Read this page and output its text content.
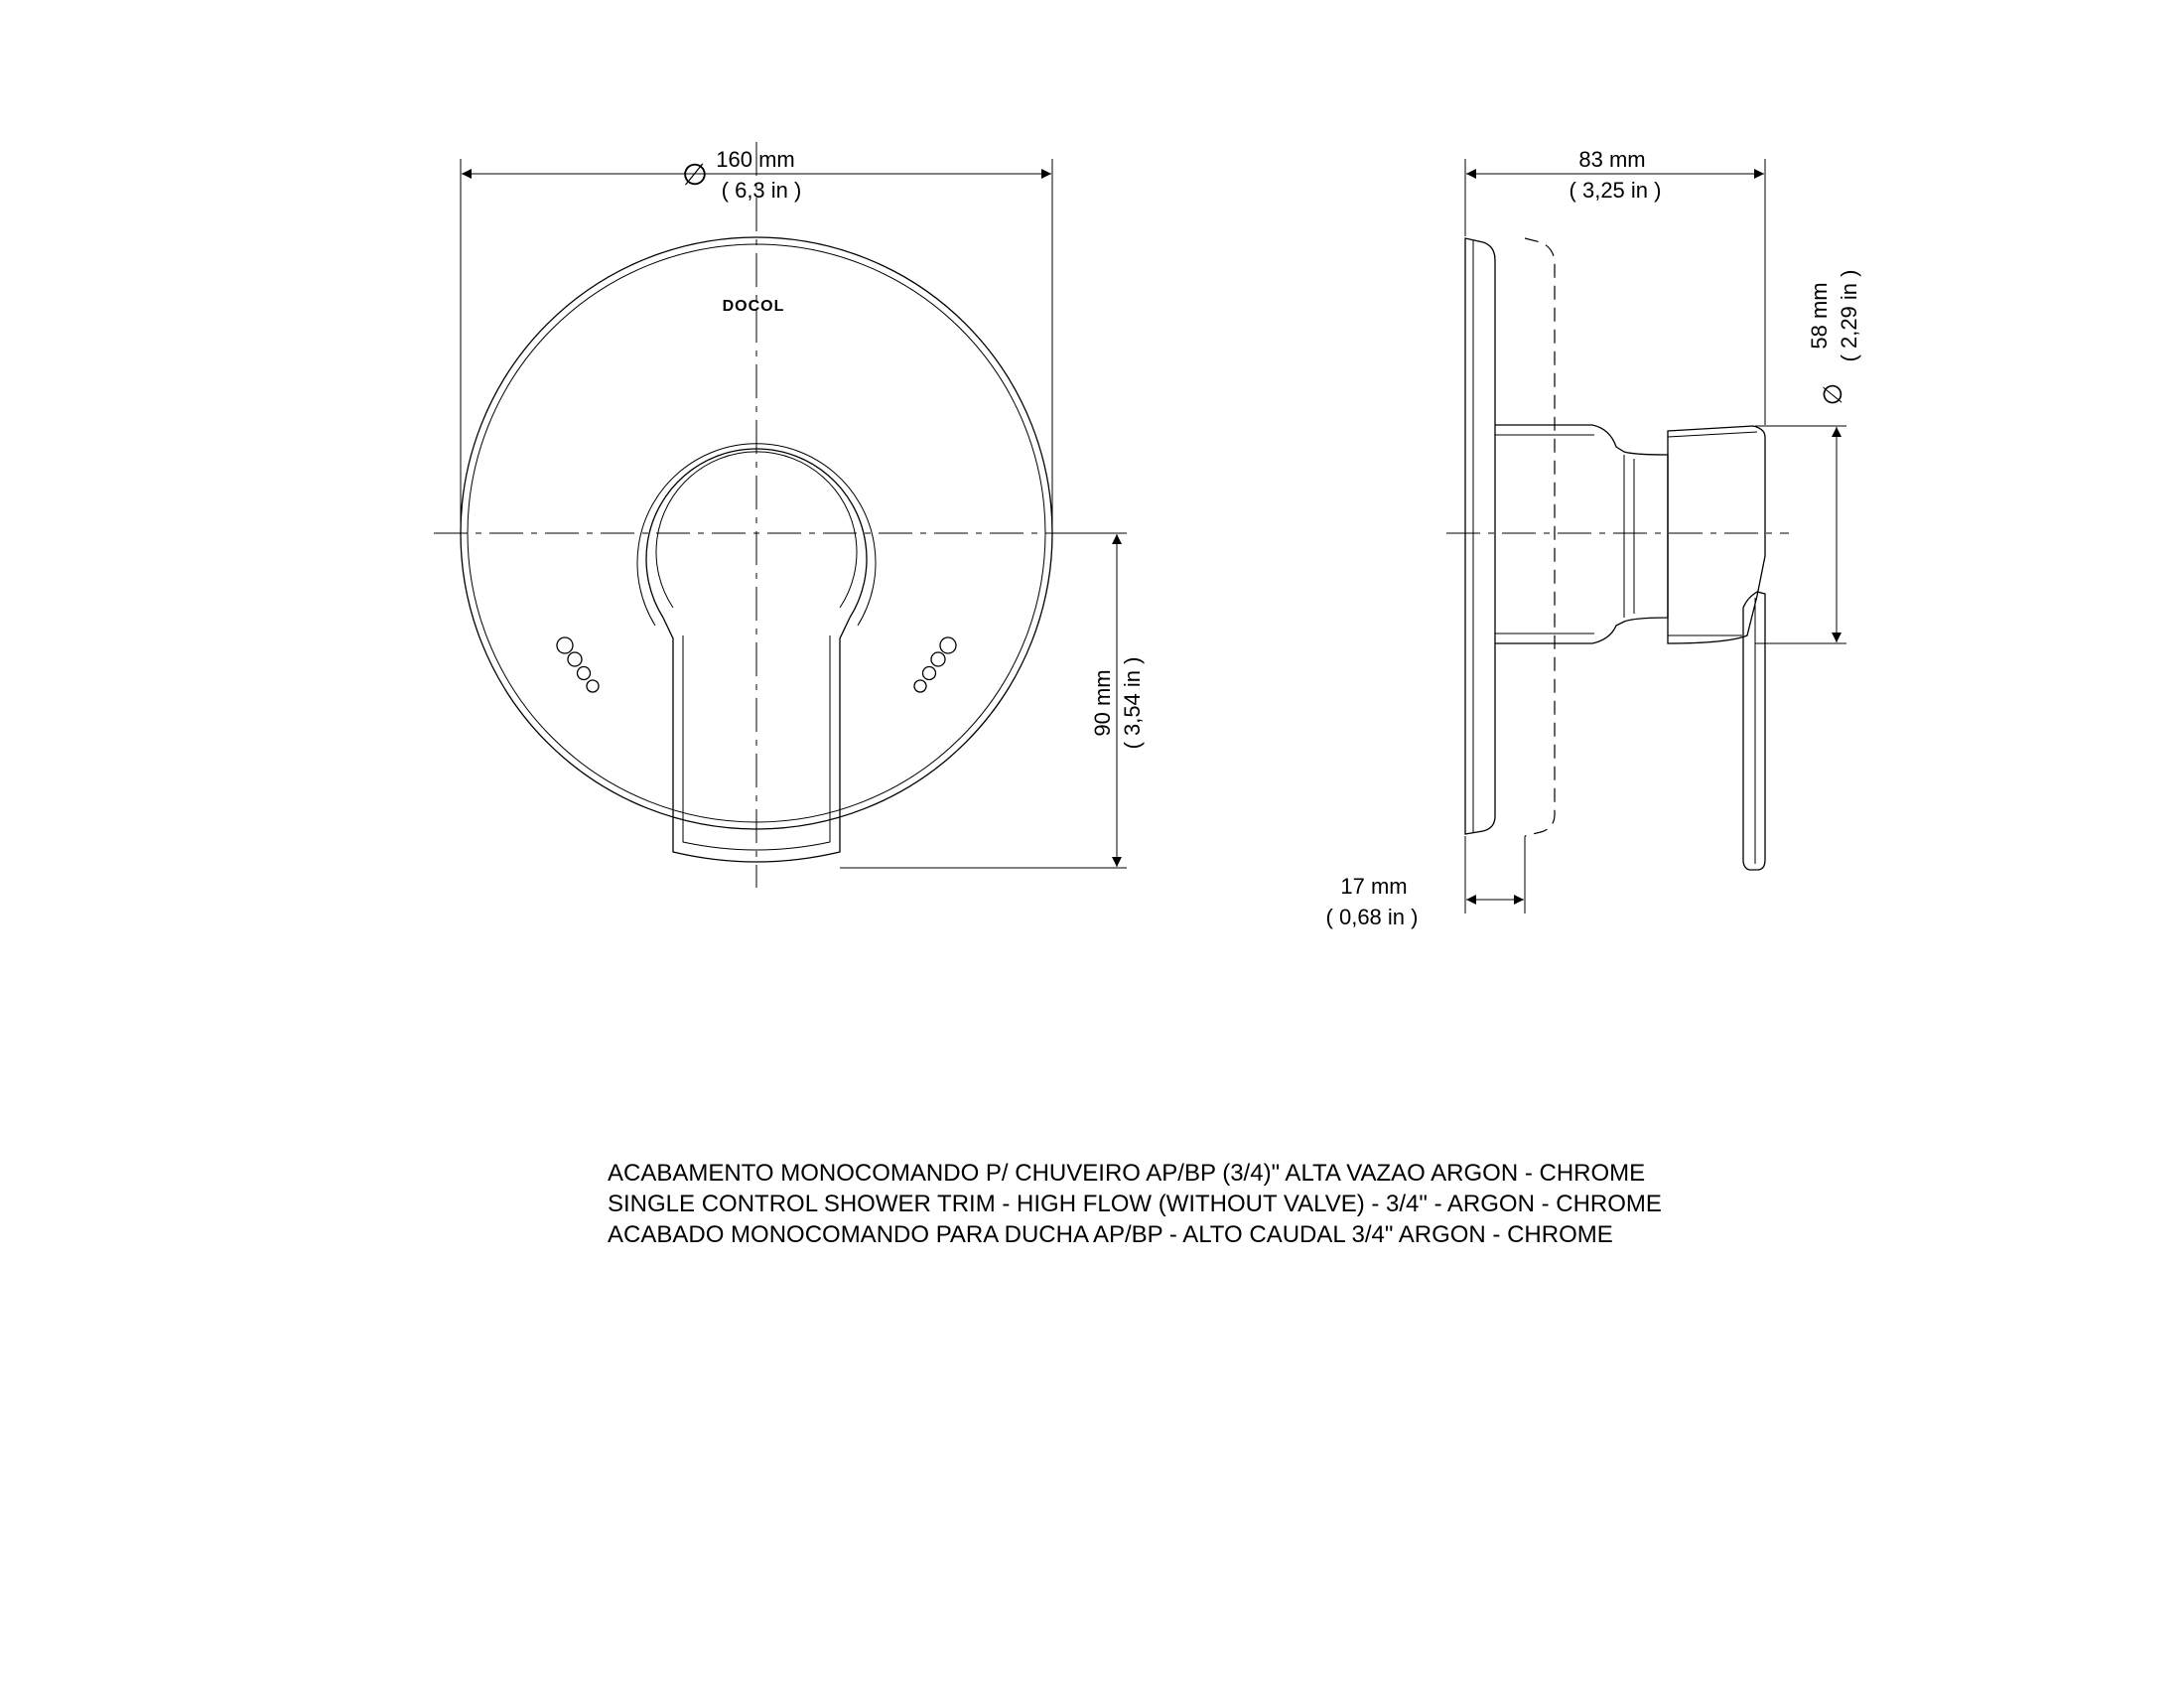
DOCOL
∅ 160 mm
( 6,3 in )
90 mm ( 3,54 in )
83 mm
( 3,25 in )
∅
58 mm ( 2,29 in )
17 mm
( 0,68 in )
ACABAMENTO MONOCOMANDO P/ CHUVEIRO AP/BP (3/4)" ALTA VAZAO ARGON - CHROME
SINGLE CONTROL SHOWER TRIM - HIGH FLOW (WITHOUT VALVE) - 3/4" - ARGON - CHROME
ACABADO MONOCOMANDO PARA DUCHA AP/BP - ALTO CAUDAL 3/4" ARGON - CHROME
